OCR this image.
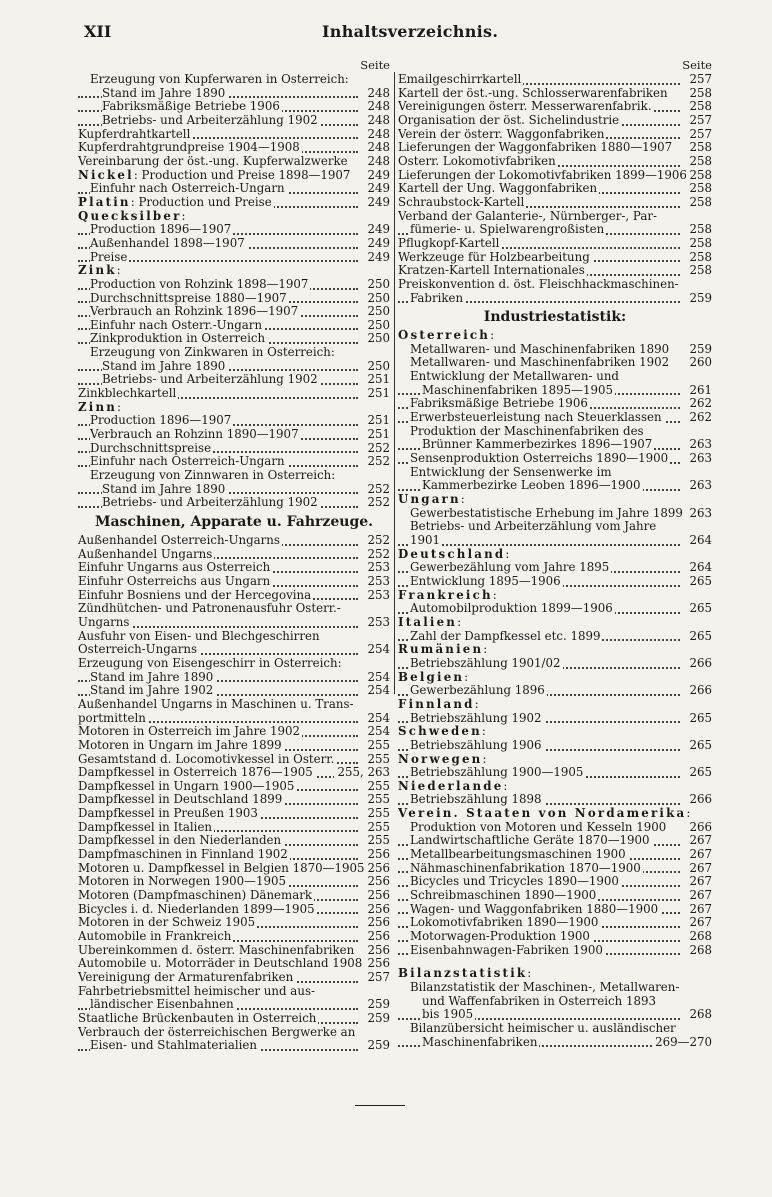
XII	Inhaltsverzeichnis.
Seite
Erzeugung von Kupferwaren in Österreich:
Stand im Jahre 1890	248
Fabriksmäßige Betriebe 1906	248
Betriebs- und Arbeiterzählung 1902	248
Kupferdrahtkartell	248
Kupferdrahtgrundpreise 1904—1908	248
Vereinbarung der öst.-ung. Kupferwalzwerke 248
Nickel: Production und Preise 1898—1907 249
Einfuhr nach Österreich-Ungarn	249
Platin: Production und Preise	249
Quecksilber:
Production 1896—1907	249
Außenhandel 1898—1907	249
Preise	249
Zink:
Production von Rohzink 1898—1907	250
Durchschnittspreise 1880—1907	250
Verbrauch an Rohzink 1896—1907	250
Einfuhr nach Österr.-Ungarn	250
Zinkproduktion in Österreich	250
Erzeugung von Zinkwaren in Österreich:
Stand im Jahre 1890	250
Betriebs- und Arbeiterzählung 1902	251
Zinkblechkartell	251
Zinn:
Production 1896—1907	251
Verbrauch an Rohzinn 1890—1907	251
Durchschnittspreise	252
Einfuhr nach Österreich-Ungarn	252
Erzeugung von Zinnwaren in Österreich:
Stand im Jahre 1890	252
Betriebs- und Arbeiterzählung 1902	252
Maschinen, Apparate u. Fahrzeuge.
Außenhandel Österreich-Ungarns	252
Außenhandel Ungarns	252
Einfuhr Ungarns aus Österreich	253
Einfuhr Österreichs aus Ungarn	253
Einfuhr Bosniens und der Hercegovina	253
Zündhütchen- und Patronenausfuhr Österr.-
Ungarns	253
Ausfuhr von Eisen- und Blechgeschirren
Österreich-Ungarns	254
Erzeugung von Eisengeschirr in Österreich:
Stand im Jahre 1890	254
Stand im Jahre 1902	254
Außenhandel Ungarns in Maschinen u. Trans-
portmitteln	254
Motoren in Österreich im Jahre 1902	254
Motoren in Ungarn im Jahre 1899	255
Gesamtstand d. Locomotivkessel in Österr.	255
Dampfkessel in Österreich 1876—1905 255, 263
Dampfkessel in Ungarn 1900—1905	255
Dampfkessel in Deutschland 1899	255
Dampfkessel in Preußen 1903	255
Dampfkessel in Italien	255
Dampfkessel in den Niederlanden	255
Dampfmaschinen in Finnland 1902	256
Motoren u. Dampfkessel in Belgien 1870—1905 256
Motoren in Norwegen 1900—1905	256
Motoren (Dampfmaschinen) Dänemark	256
Bicycles i. d. Niederlanden 1899—1905	256
Motoren in der Schweiz 1905	256
Automobile in Frankreich	256
Übereinkommen d. österr. Maschinenfabriken 256
Automobile u. Motorräder in Deutschland 1908 256
Vereinigung der Armaturenfabriken	257
Fahrbetriebsmittel heimischer und aus-
ländischer Eisenbahnen	259
Staatliche Brückenbauten in Österreich	259
Verbrauch der österreichischen Bergwerke an
Eisen- und Stahlmaterialien	259
Seite
Emailgeschirrkartell	257
Kartell der öst.-ung. Schlosserwarenfabriken 258
Vereinigungen österr. Messerwarenfabrik.	258
Organisation der öst. Sichelindustrie	257
Verein der österr. Waggonfabriken	257
Lieferungen der Waggonfabriken 1880—1907 258
Österr. Lokomotivfabriken	258
Lieferungen der Lokomotivfabriken 1899—1906 258
Kartell der Ung. Waggonfabriken	258
Schraubstock-Kartell	258
Verband der Galanterie-, Nürnberger-, Par-
fümerie- u. Spielwarengroßisten	258
Pflugkopf-Kartell	258
Werkzeuge für Holzbearbeitung	258
Kratzen-Kartell Internationales	258
Preiskonvention d. öst. Fleischhackmaschinen-
Fabriken	259
Industriestatistik:
Österreich:
Metallwaren- und Maschinenfabriken 1890 259
Metallwaren- und Maschinenfabriken 1902 260
Entwicklung der Metallwaren- und
Maschinenfabriken 1895—1905	261
Fabriksmäßige Betriebe 1906	262
Erwerbsteuerleistung nach Steuerklassen 262
Produktion der Maschinenfabriken des
Brünner Kammerbezirkes 1896—1907	263
Sensenproduktion Österreichs 1890—1900 263
Entwicklung der Sensenwerke im
Kammerbezirke Leoben 1896—1900	263
Ungarn:
Gewerbestatistische Erhebung im Jahre 1899 263
Betriebs- und Arbeiterzählung vom Jahre
1901	264
Deutschland:
Gewerbezählung vom Jahre 1895	264
Entwicklung 1895—1906	265
Frankreich:
Automobilproduktion 1899—1906	265
Italien:
Zahl der Dampfkessel etc. 1899	265
Rumänien:
Betriebszählung 1901/02	266
Belgien:
Gewerbezählung 1896	266
Finnland:
Betriebszählung 1902	265
Schweden:
Betriebszählung 1906	265
Norwegen:
Betriebszählung 1900—1905	265
Niederlande:
Betriebszählung 1898	266
Verein. Staaten von Nordamerika:
Produktion von Motoren und Kesseln 1900 266
Landwirtschaftliche Geräte 1870—1900	267
Metallbearbeitungsmaschinen 1900	267
Nähmaschinenfabrikation 1870—1900	267
Bicycles und Tricycles 1890—1900	267
Schreibmaschinen 1890—1900	267
Wagen- und Waggonfabriken 1880—1900	267
Lokomotivfabriken 1890—1900	267
Motorwagen-Produktion 1900	268
Eisenbahnwagen-Fabriken 1900	268
Bilanzstatistik:
Bilanzstatistik der Maschinen-, Metallwaren-
und Waffenfabriken in Österreich 1893
bis 1905	268
Bilanzübersicht heimischer u. ausländischer
Maschinenfabriken	269—270
